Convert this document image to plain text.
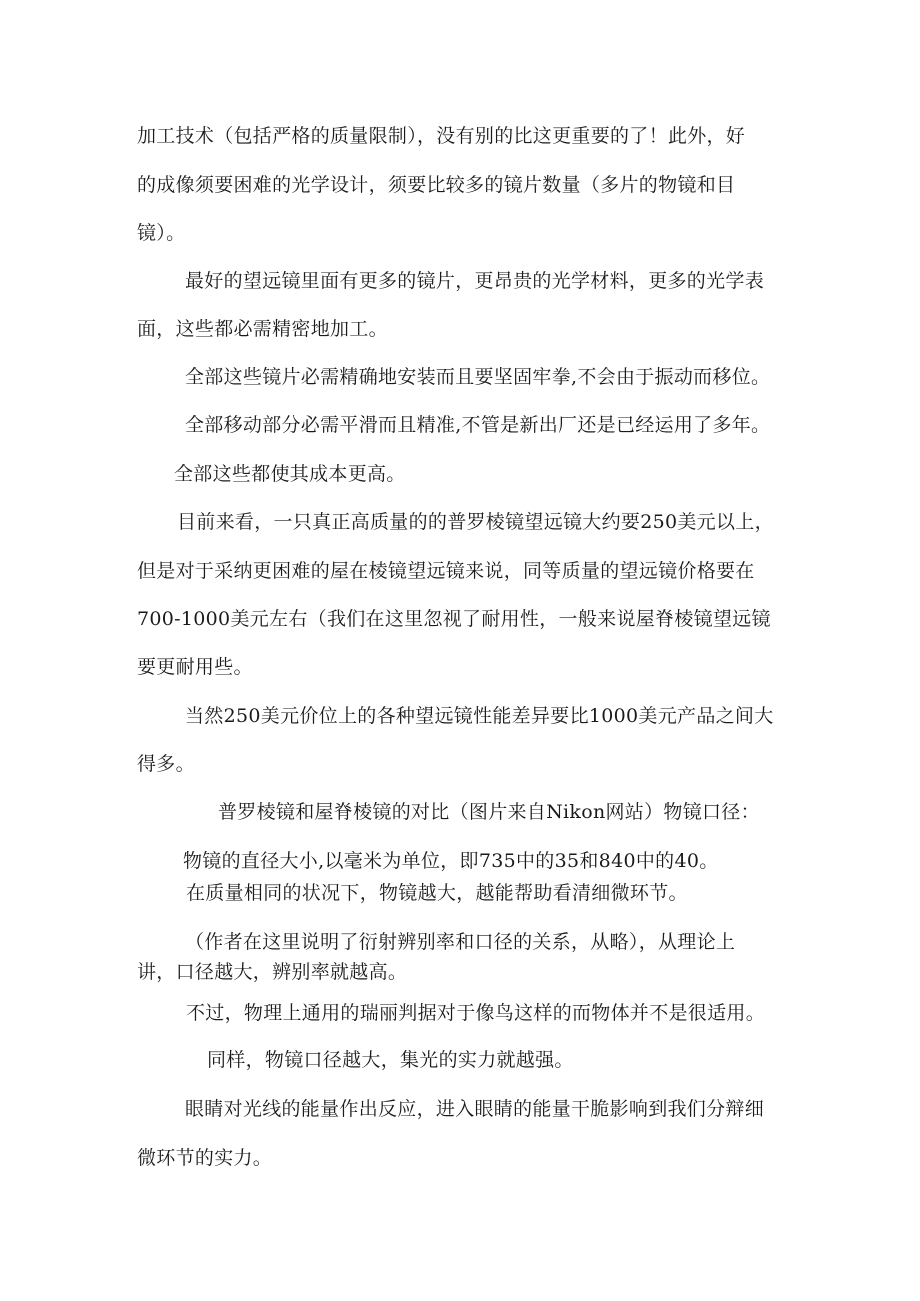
加工技术（包括严格的质量限制），没有别的比这更重要的了！此外，好
的成像须要困难的光学设计，须要比较多的镜片数量（多片的物镜和目
镜）。
最好的望远镜里面有更多的镜片，更昂贵的光学材料，更多的光学表
面，这些都必需精密地加工。
全部这些镜片必需精确地安装而且要坚固牢拳,不会由于振动而移位。
全部移动部分必需平滑而且精准,不管是新出厂还是已经运用了多年。
全部这些都使其成本更高。
目前来看，一只真正高质量的的普罗棱镜望远镜大约要250美元以上，
但是对于采纳更困难的屋在棱镜望远镜来说，同等质量的望远镜价格要在
700-1000美元左右（我们在这里忽视了耐用性，一般来说屋脊棱镜望远镜
要更耐用些。
当然250美元价位上的各种望远镜性能差异要比1000美元产品之间大
得多。
普罗棱镜和屋脊棱镜的对比（图片来自Nikon网站）物镜口径：
物镜的直径大小,以毫米为单位，即735中的35和840中的40。
在质量相同的状况下，物镜越大，越能帮助看清细微环节。
（作者在这里说明了衍射辨别率和口径的关系，从略），从理论上
讲，口径越大，辨别率就越高。
不过，物理上通用的瑞丽判据对于像鸟这样的而物体并不是很适用。
同样，物镜口径越大，集光的实力就越强。
眼睛对光线的能量作出反应，进入眼睛的能量干脆影响到我们分辩细
微环节的实力。
